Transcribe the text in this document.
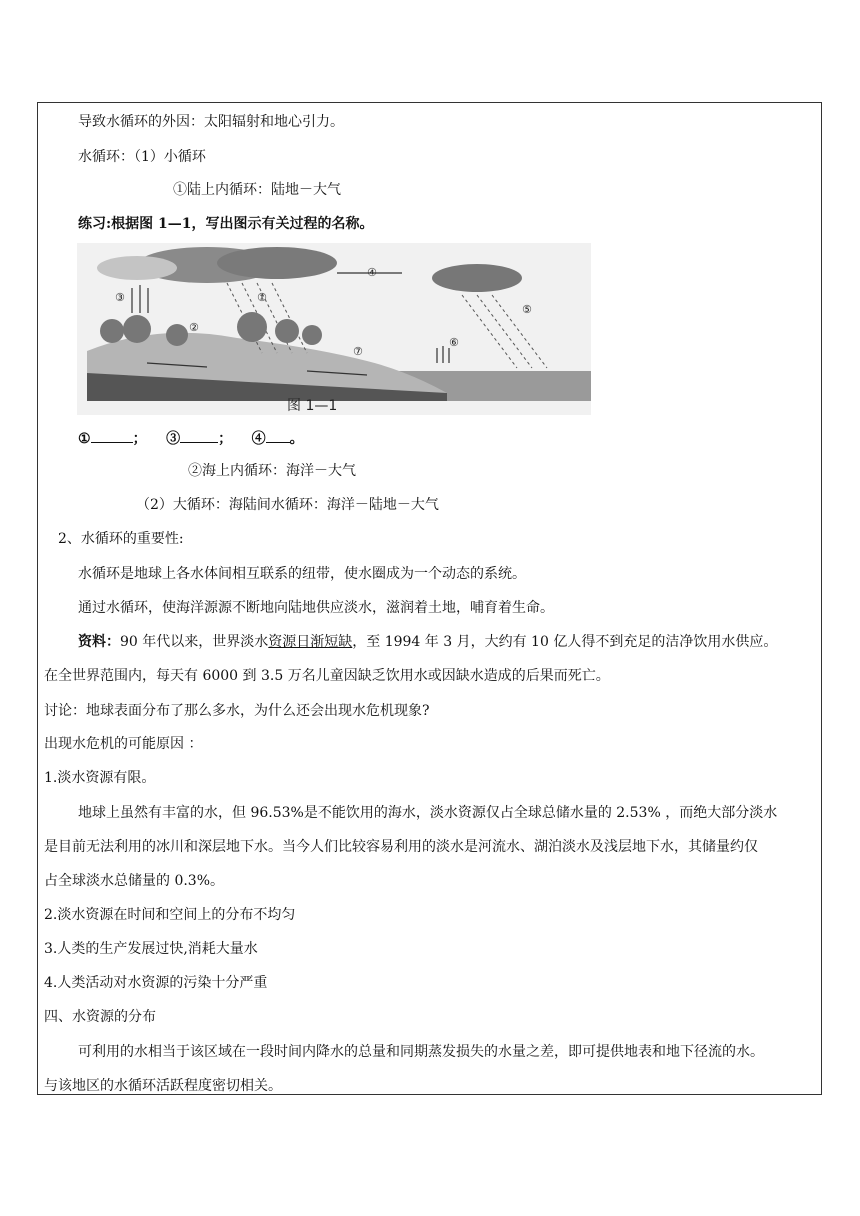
导致水循环的外因：太阳辐射和地心引力。
水循环：（1）小循环
①陆上内循环：陆地－大气
练习:根据图 1—1，写出图示有关过程的名称。
①
②
③
④
⑤
⑥
⑦
图 1—1
①	； ③	； ④ 。
②海上内循环：海洋－大气
（2）大循环：海陆间水循环：海洋－陆地－大气
2、水循环的重要性:
水循环是地球上各水体间相互联系的纽带，使水圈成为一个动态的系统。
通过水循环，使海洋源源不断地向陆地供应淡水，滋润着土地，哺育着生命。
资料：90 年代以来，世界淡水资源日渐短缺，至 1994 年 3 月，大约有 10 亿人得不到充足的洁净饮用水供应。
在全世界范围内，每天有 6000 到 3.5 万名儿童因缺乏饮用水或因缺水造成的后果而死亡。
讨论：地球表面分布了那么多水，为什么还会出现水危机现象?
出现水危机的可能原因 ：
1.淡水资源有限。
地球上虽然有丰富的水，但 96.53%是不能饮用的海水，淡水资源仅占全球总储水量的 2.53% ，而绝大部分淡水
是目前无法利用的冰川和深层地下水。当今人们比较容易利用的淡水是河流水、湖泊淡水及浅层地下水，其储量约仅
占全球淡水总储量的 0.3%。
2.淡水资源在时间和空间上的分布不均匀
3.人类的生产发展过快,消耗大量水
4.人类活动对水资源的污染十分严重
四、水资源的分布
可利用的水相当于该区域在一段时间内降水的总量和同期蒸发损失的水量之差，即可提供地表和地下径流的水。
与该地区的水循环活跃程度密切相关。
